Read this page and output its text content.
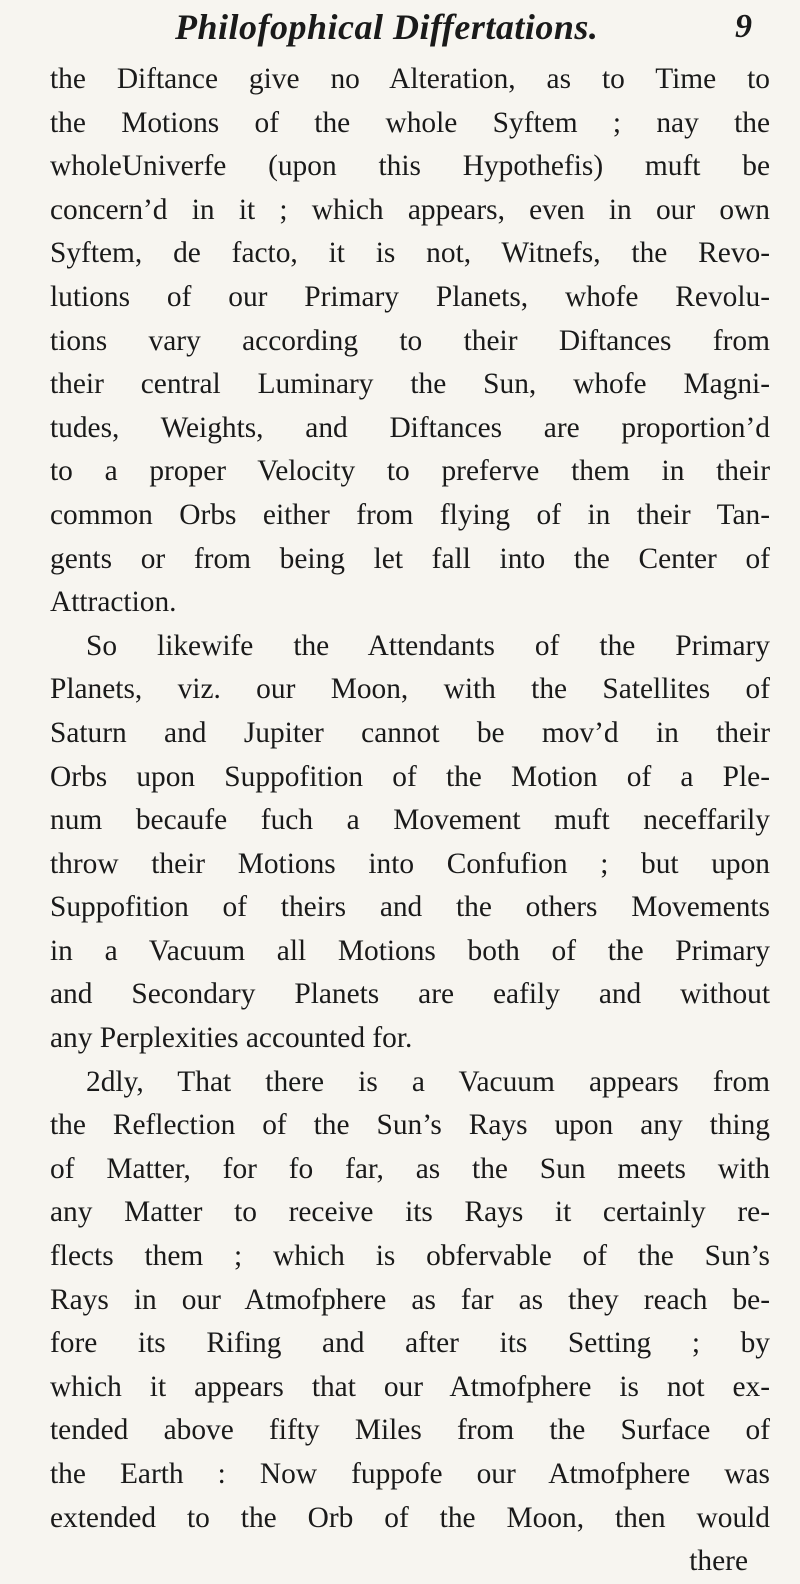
Philofophical Differtations.	9
the Diftance give no Alteration, as to Time to
the Motions of the whole Syftem ; nay the
wholeUniverfe (upon this Hypothefis) muft be
concern’d in it ; which appears, even in our own
Syftem, de facto, it is not, Witnefs, the Revo-
lutions of our Primary Planets, whofe Revolu-
tions vary according to their Diftances from
their central Luminary the Sun, whofe Magni-
tudes, Weights, and Diftances are proportion’d
to a proper Velocity to preferve them in their
common Orbs either from flying of in their Tan-
gents or from being let fall into the Center of
Attraction.
So likewife the Attendants of the Primary
Planets, viz. our Moon, with the Satellites of
Saturn and Jupiter cannot be mov’d in their
Orbs upon Suppofition of the Motion of a Ple-
num becaufe fuch a Movement muft neceffarily
throw their Motions into Confufion ; but upon
Suppofition of theirs and the others Movements
in a Vacuum all Motions both of the Primary
and Secondary Planets are eafily and without
any Perplexities accounted for.
2dly, That there is a Vacuum appears from
the Reflection of the Sun’s Rays upon any thing
of Matter, for fo far, as the Sun meets with
any Matter to receive its Rays it certainly re-
flects them ; which is obfervable of the Sun’s
Rays in our Atmofphere as far as they reach be-
fore its Rifing and after its Setting ; by
which it appears that our Atmofphere is not ex-
tended above fifty Miles from the Surface of
the Earth : Now fuppofe our Atmofphere was
extended to the Orb of the Moon, then would
there
